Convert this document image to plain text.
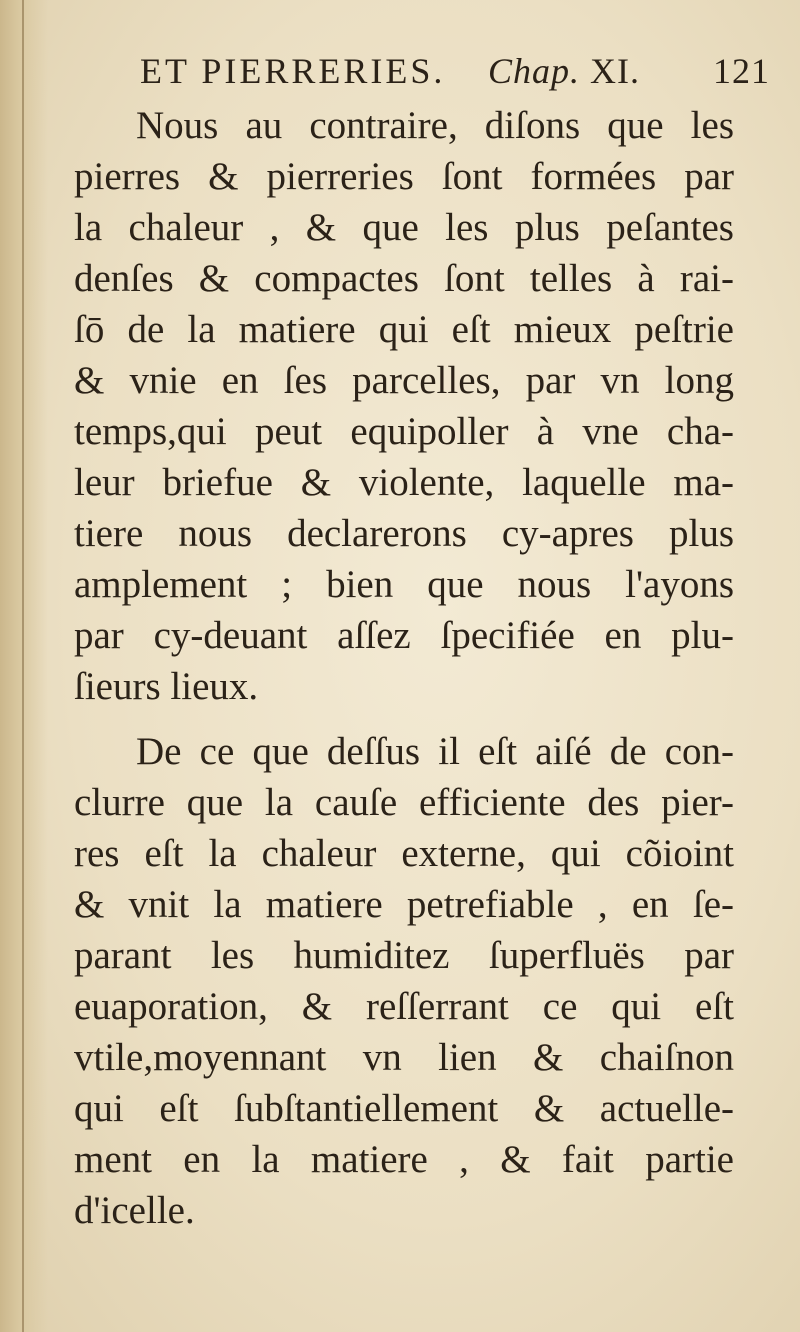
ET PIERRERIES. Chap. XI. 121
Nous au contraire, diſons que les
pierres & pierreries ſont formées par
la chaleur , & que les plus peſantes
denſes & compactes ſont telles à rai-
ſō de la matiere qui eſt mieux peſtrie
& vnie en ſes parcelles, par vn long
temps,qui peut equipoller à vne cha-
leur briefue & violente, laquelle ma-
tiere nous declarerons cy-apres plus
amplement ; bien que nous l'ayons
par cy-deuant aſſez ſpecifiée en plu-
ſieurs lieux.
De ce que deſſus il eſt aiſé de con-
clurre que la cauſe efficiente des pier-
res eſt la chaleur externe, qui cõioint
& vnit la matiere petrefiable , en ſe-
parant les humiditez ſuperfluës par
euaporation, & reſſerrant ce qui eſt
vtile,moyennant vn lien & chaiſnon
qui eſt ſubſtantiellement & actuelle-
ment en la matiere , & fait partie
d'icelle.
